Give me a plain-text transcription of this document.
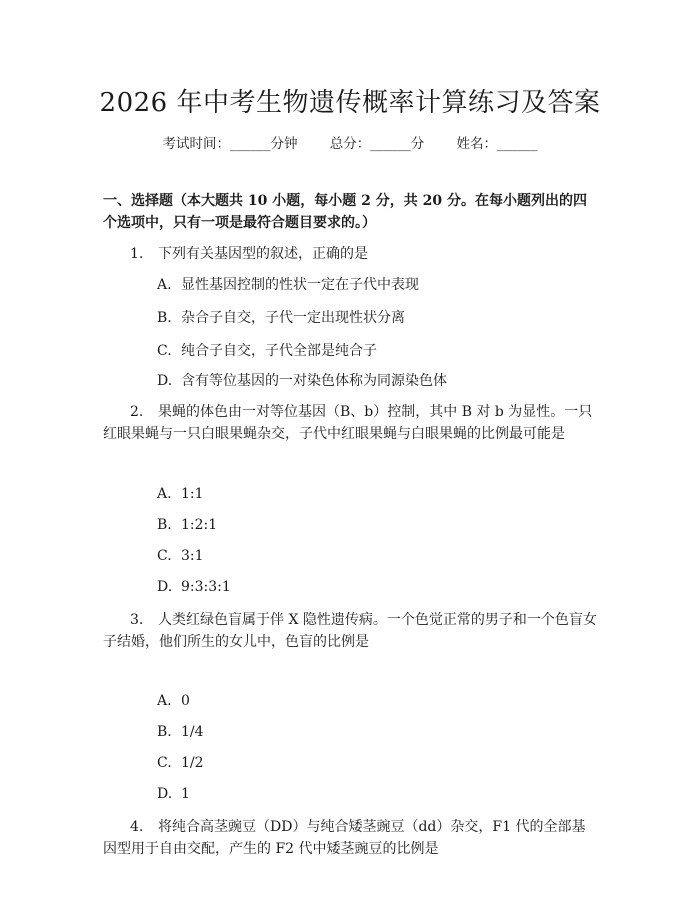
2026 年中考生物遗传概率计算练习及答案
考试时间：______分钟 总分：______分 姓名：______
一、选择题（本大题共 10 小题，每小题 2 分，共 20 分。在每小题列出的四个选项中，只有一项是最符合题目要求的。）
1. 下列有关基因型的叙述，正确的是
A. 显性基因控制的性状一定在子代中表现
B. 杂合子自交，子代一定出现性状分离
C. 纯合子自交，子代全部是纯合子
D. 含有等位基因的一对染色体称为同源染色体
2. 果蝇的体色由一对等位基因（B、b）控制，其中 B 对 b 为显性。一只红眼果蝇与一只白眼果蝇杂交，子代中红眼果蝇与白眼果蝇的比例最可能是
A. 1:1
B. 1:2:1
C. 3:1
D. 9:3:3:1
3. 人类红绿色盲属于伴 X 隐性遗传病。一个色觉正常的男子和一个色盲女子结婚，他们所生的女儿中，色盲的比例是
A. 0
B. 1/4
C. 1/2
D. 1
4. 将纯合高茎豌豆（DD）与纯合矮茎豌豆（dd）杂交，F1 代的全部基因型用于自由交配，产生的 F2 代中矮茎豌豆的比例是
